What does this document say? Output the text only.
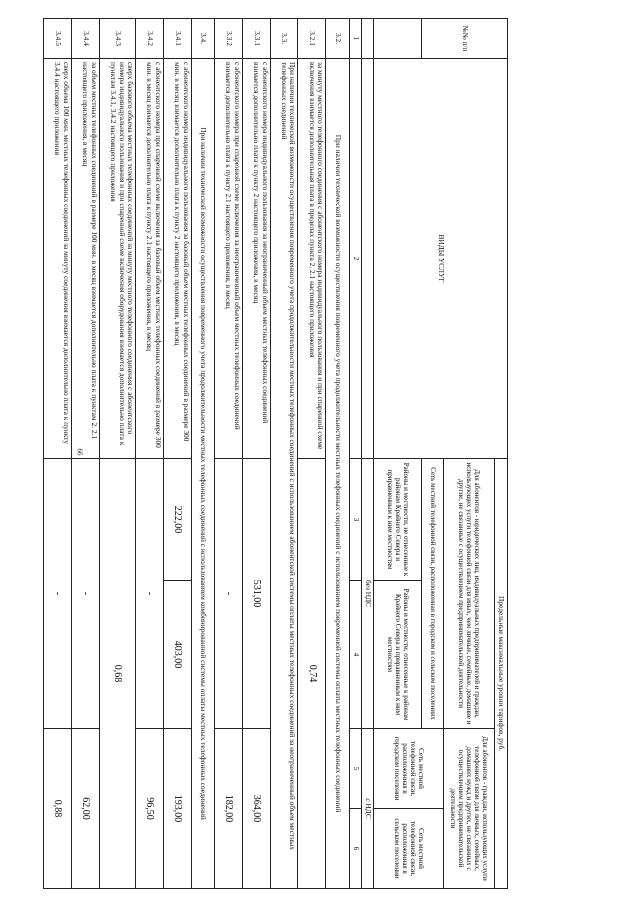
66
№№ п/п	ВИДЫ УСЛУГ	Предельные максимальные уровни тарифов, руб.			
		Для абонентов - юридических лиц, индивидуальных предпринимателей и граждан, использующих услуги телефонной связи для иных, чем личные, семейные, домашние и другие, не связанные с осуществлением предпринимательской деятельности		Для абонентов - граждан, использующих услуги телефонной связи для личных, семейных, домашних нужд и других, не связанных с осуществлением предпринимательской деятельности	
		Сеть местной телефонной связи, расположенная в городском и сельском поселениях		Сеть местной телефонной связи, расположенная в городском поселении	Сеть местной телефонной связи, расположенная в сельском поселении
		Районы и местности, не отнесенные к районам Крайнего Севера и приравненным к ним местностям	Районы и местности, отнесенные к районам Крайнего Севера и приравненным к ним местностям		
		без НДС		с НДС	
1	2	3	4	5	6
3.2.	При наличии технической возможности осуществления повременного учета продолжительности местных телефонных соединений с использованием повременной системы оплаты местных телефонных соединений				
3.2.1	за минуту местного телефонного соединения с абонентского номера индивидуального пользования и при спаренной схеме включения взимается дополнительная плата в пределах пункта 2. 2.1 настоящего приложения	0,74			
3.3.	При наличии технической возможности осуществления повременного учета продолжительности местных телефонных соединений с использованием абонентской системы оплаты местных телефонных соединений за неограниченный объем местных телефонных соединений				
3.3.1	с абонентского номера индивидуального пользования за неограниченный объем местных телефонных соединений взимается дополнительно плата к пункту 2 настоящего приложения, в месяц	531,00		364,00	
3.3.2	с абонентского номера при спаренной схеме включения за неограниченный объем местных телефонных соединений взимается дополнительно плата к пункту 2.1 настоящего приложения, в месяц	-		182,00	
3.4.	При наличии технической возможности осуществления повременного учета продолжительности местных телефонных соединений с использованием комбинированной системы оплаты местных телефонных соединений				
3.4.1	с абонентского номера индивидуального пользования за базовый объем местных телефонных соединений в размере 300 мин. в месяц взимается дополнительно плата к пункту 2 настоящего приложения, в месяц	222,00	403,00	193,00	
3.4.2	с абонентского номера при спаренной схеме включения за базовый объем местных телефонных соединений в размере 300 мин. в месяц взимается дополнительно плата к пункту 2.1 настоящего приложения, в месяц	-		96,50	
3.4.3	сверх базового объема местных телефонных соединений за минуту местного телефонного соединения с абонентского номера индивидуального пользования и при спаренной схеме включения оборудования взимается дополнительно плата к пунктам 3.4.1, 3.4.2 настоящего приложения	0,68			
3.4.4	за объем местных телефонных соединений в размере 100 мин. в месяц взимается дополнительно плата к пунктам 2. 2.1 настоящего приложения, в месяц	-		62,00	
3.4.5	сверх объема 100 мин. местных телефонных соединений за минуту соединения взимается дополнительно плата к пункту 3.4.4 настоящего приложения	-		0,88	
